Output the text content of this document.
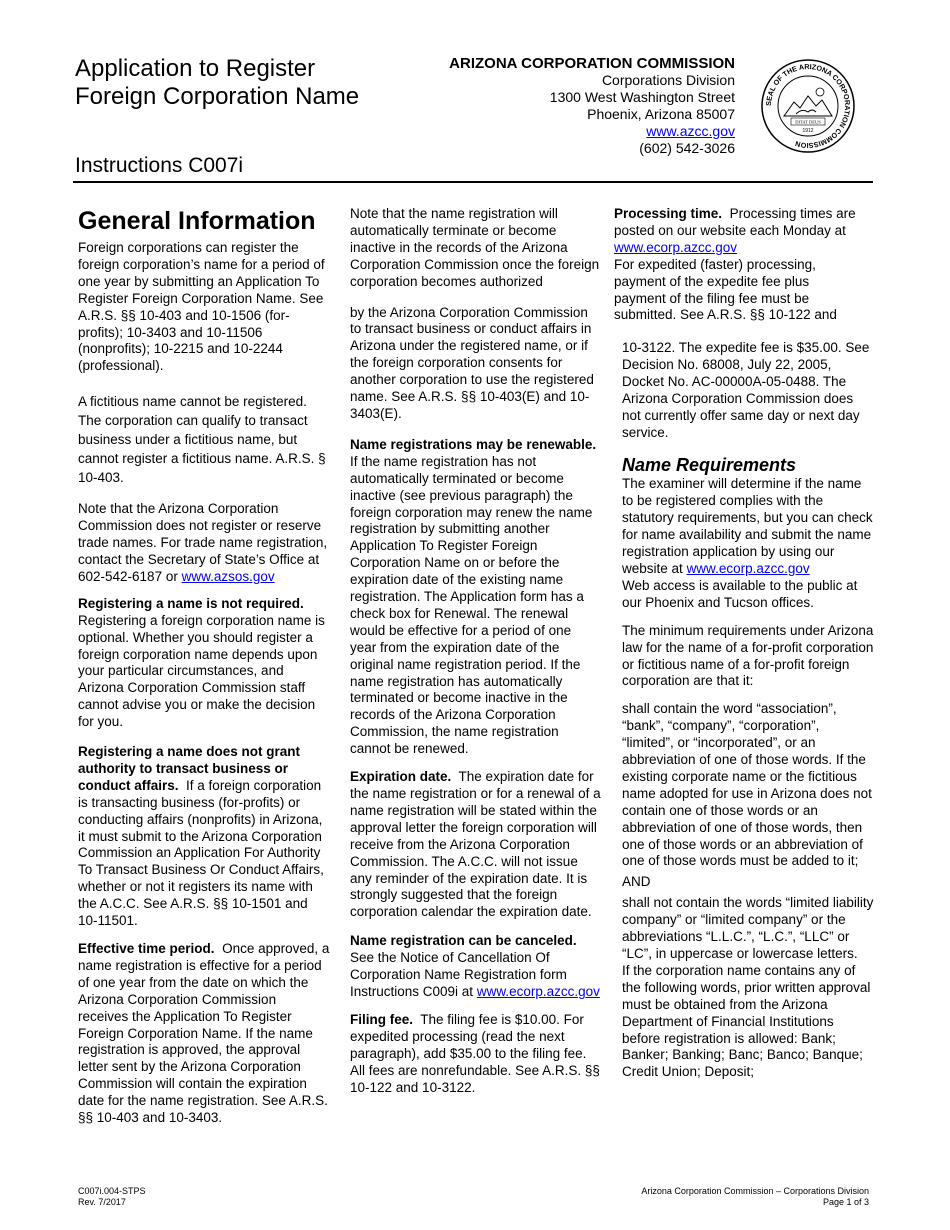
Application to Register
Foreign Corporation Name
Instructions C007i
ARIZONA CORPORATION COMMISSION
Corporations Division
1300 West Washington Street
Phoenix, Arizona 85007
www.azcc.gov
(602) 542-3026
SEAL OF THE ARIZONA CORPORATION COMMISSION
DITAT DEUS
1912
General Information

Foreign corporations can register the foreign corporation’s name for a period of one year by submitting an Application To Register Foreign Corporation Name. See A.R.S. §§ 10-403 and 10-1506 (for-profits); 10-3403 and 10-11506 (nonprofits); 10-2215 and 10-2244 (professional).

A fictitious name cannot be registered. The corporation can qualify to transact business under a fictitious name, but cannot register a fictitious name. A.R.S. § 10-403.

Note that the Arizona Corporation Commission does not register or reserve trade names. For trade name registration, contact the Secretary of State’s Office at 602-542-6187 or www.azsos.gov

Registering a name is not required. Registering a foreign corporation name is optional. Whether you should register a foreign corporation name depends upon your particular circumstances, and Arizona Corporation Commission staff cannot advise you or make the decision for you.

Registering a name does not grant authority to transact business or conduct affairs. If a foreign corporation is transacting business (for-profits) or conducting affairs (nonprofits) in Arizona, it must submit to the Arizona Corporation Commission an Application For Authority To Transact Business Or Conduct Affairs, whether or not it registers its name with the A.C.C. See A.R.S. §§ 10-1501 and 10-11501.

Effective time period. Once approved, a name registration is effective for a period of one year from the date on which the Arizona Corporation Commission receives the Application To Register Foreign Corporation Name. If the name registration is approved, the approval letter sent by the Arizona Corporation Commission will contain the expiration date for the name registration. See A.R.S. §§ 10-403 and 10-3403.

Note that the name registration will automatically terminate or become inactive in the records of the Arizona Corporation Commission once the foreign corporation becomes authorized

by the Arizona Corporation Commission to transact business or conduct affairs in Arizona under the registered name, or if the foreign corporation consents for another corporation to use the registered name. See A.R.S. §§ 10-403(E) and 10-3403(E).

Name registrations may be renewable.  If the name registration has not automatically terminated or become inactive (see previous paragraph) the foreign corporation may renew the name registration by submitting another Application To Register Foreign Corporation Name on or before the expiration date of the existing name registration. The Application form has a check box for Renewal. The renewal would be effective for a period of one year from the expiration date of the original name registration period. If the name registration has automatically terminated or become inactive in the records of the Arizona Corporation Commission, the name registration cannot be renewed.

Expiration date. The expiration date for the name registration or for a renewal of a name registration will be stated within the approval letter the foreign corporation will receive from the Arizona Corporation Commission. The A.C.C. will not issue any reminder of the expiration date. It is strongly suggested that the foreign corporation calendar the expiration date.

Name registration can be canceled. See the Notice of Cancellation Of Corporation Name Registration form Instructions C009i at www.ecorp.azcc.gov

Filing fee. The filing fee is $10.00. For expedited processing (read the next paragraph), add $35.00 to the filing fee. All fees are nonrefundable. See A.R.S. §§ 10-122 and 10-3122.

Processing time. Processing times are posted on our website each Monday at www.ecorp.azcc.gov
For expedited (faster) processing, payment of the expedite fee plus payment of the filing fee must be submitted. See A.R.S. §§ 10-122 and

10-3122. The expedite fee is $35.00. See Decision No. 68008, July 22, 2005, Docket No. AC-00000A-05-0488. The Arizona Corporation Commission does not currently offer same day or next day service.

Name Requirements

The examiner will determine if the name to be registered complies with the statutory requirements, but you can check for name availability and submit the name registration application by using our website at www.ecorp.azcc.gov
Web access is available to the public at our Phoenix and Tucson offices.

The minimum requirements under Arizona law for the name of a for-profit corporation or fictitious name of a for-profit foreign corporation are that it:

shall contain the word “association”, “bank”, “company”, “corporation”, “limited”, or “incorporated”, or an abbreviation of one of those words. If the existing corporate name or the fictitious name adopted for use in Arizona does not contain one of those words or an abbreviation of one of those words, then one of those words or an abbreviation of one of those words must be added to it;

AND

shall not contain the words “limited liability company” or “limited company” or the abbreviations “L.L.C.”, “L.C.”, “LLC” or “LC”, in uppercase or lowercase letters.

If the corporation name contains any of the following words, prior written approval must be obtained from the Arizona Department of Financial Institutions before registration is allowed: Bank; Banker; Banking; Banc; Banco; Banque; Credit Union; Deposit;

C007i.004-STPS
Rev. 7/2017
Arizona Corporation Commission – Corporations Division
Page 1 of 3
